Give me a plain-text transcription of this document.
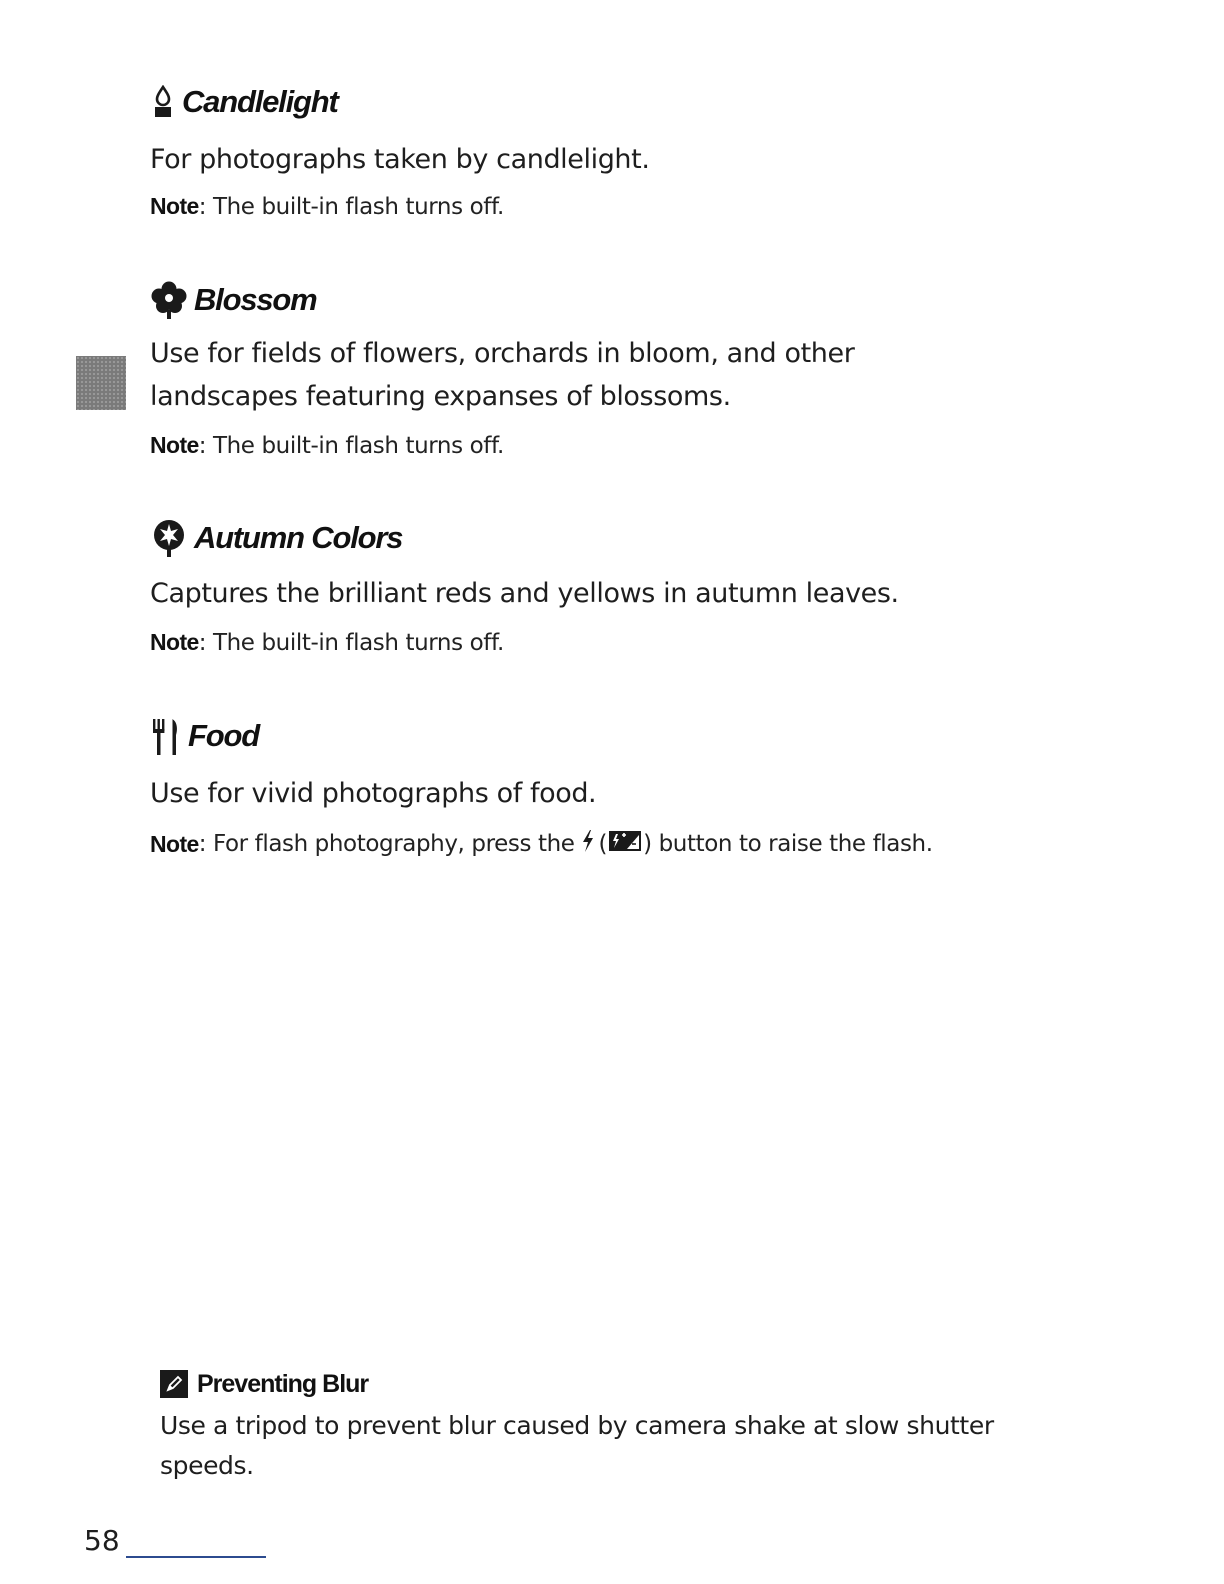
Candlelight

For photographs taken by candlelight.

Note : The built-in flash turns off.

Blossom

Use for fields of flowers, orchards in bloom, and other

landscapes featuring expanses of blossoms.

Note : The built-in flash turns off.

Autumn Colors

Captures the brilliant reds and yellows in autumn leaves.

Note : The built-in flash turns off.

Food

Use for vivid photographs of food.

Note : For flash photography, press the ( ) button to raise the flash.

Preventing Blur

Use a tripod to prevent blur caused by camera shake at slow shutter

speeds.

58
